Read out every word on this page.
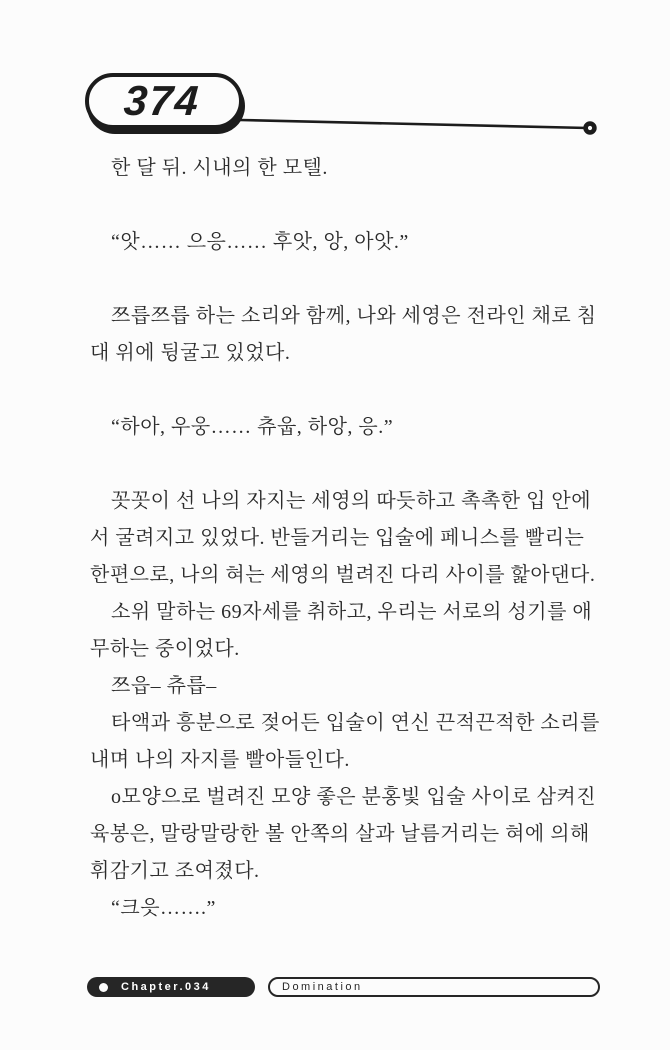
374
한 달 뒤. 시내의 한 모텔.
“앗…… 으응…… 후앗, 앙, 아앗.”
쯔릅쯔릅 하는 소리와 함께, 나와 세영은 전라인 채로 침
대 위에 뒹굴고 있었다.
“하아, 우웅…… 츄웁, 하앙, 응.”
꼿꼿이 선 나의 자지는 세영의 따듯하고 촉촉한 입 안에
서 굴려지고 있었다. 반들거리는 입술에 페니스를 빨리는
한편으로, 나의 혀는 세영의 벌려진 다리 사이를 핥아댄다.
소위 말하는 69자세를 취하고, 우리는 서로의 성기를 애
무하는 중이었다.
쯔읍– 츄릅–
타액과 흥분으로 젖어든 입술이 연신 끈적끈적한 소리를
내며 나의 자지를 빨아들인다.
o모양으로 벌려진 모양 좋은 분홍빛 입술 사이로 삼켜진
육봉은, 말랑말랑한 볼 안쪽의 살과 날름거리는 혀에 의해
휘감기고 조여졌다.
“크읏…….”
Chapter.034	Domination
